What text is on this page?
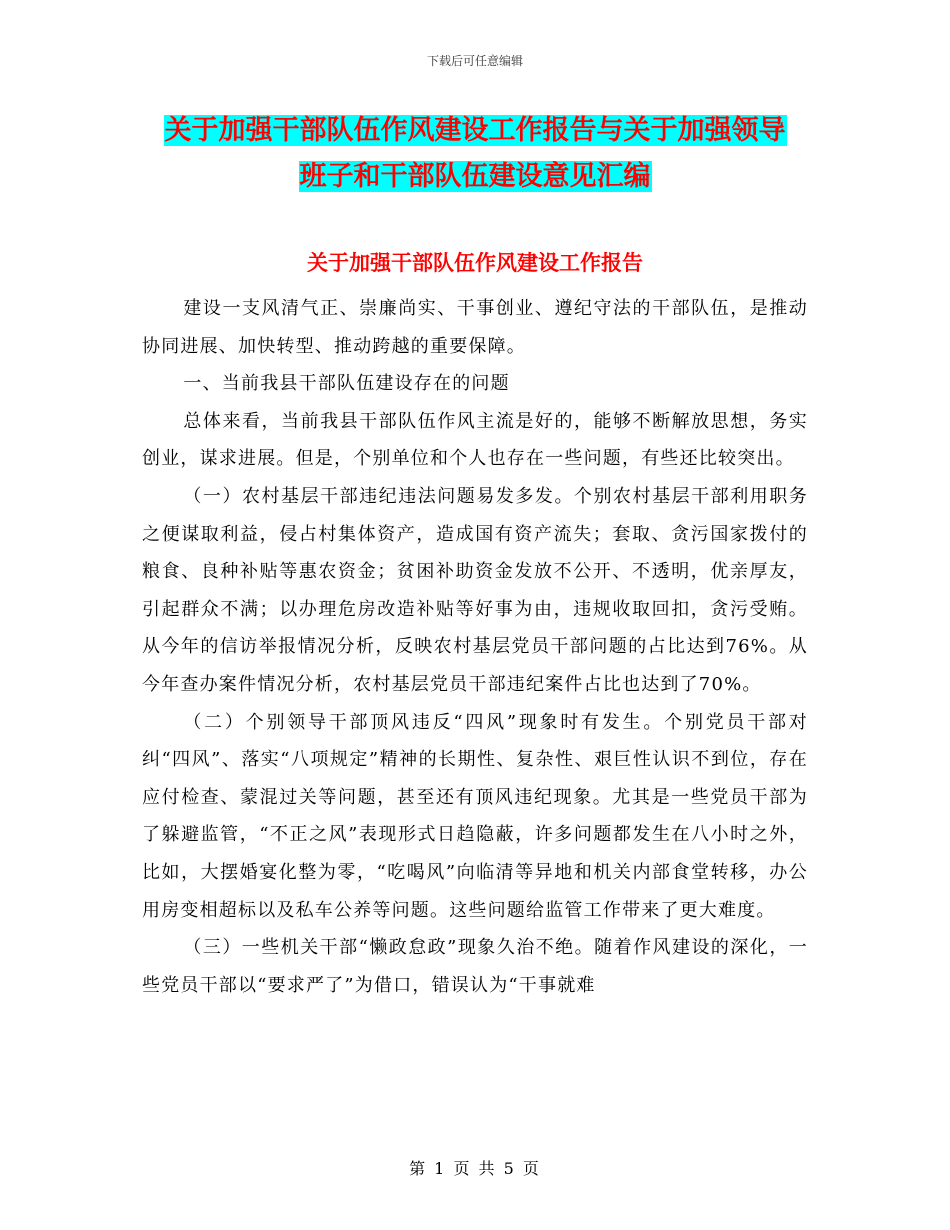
下载后可任意编辑
关于加强干部队伍作风建设工作报告与关于加强领导
班子和干部队伍建设意见汇编
关于加强干部队伍作风建设工作报告

建设一支风清气正、崇廉尚实、干事创业、遵纪守法的干部队伍，是推动协同进展、加快转型、推动跨越的重要保障。

一、当前我县干部队伍建设存在的问题

总体来看，当前我县干部队伍作风主流是好的，能够不断解放思想，务实创业，谋求进展。但是，个别单位和个人也存在一些问题，有些还比较突出。

（一）农村基层干部违纪违法问题易发多发。个别农村基层干部利用职务之便谋取利益，侵占村集体资产，造成国有资产流失；套取、贪污国家拨付的粮食、良种补贴等惠农资金；贫困补助资金发放不公开、不透明，优亲厚友，引起群众不满；以办理危房改造补贴等好事为由，违规收取回扣，贪污受贿。从今年的信访举报情况分析，反映农村基层党员干部问题的占比达到76%。从今年查办案件情况分析，农村基层党员干部违纪案件占比也达到了70%。

（二）个别领导干部顶风违反“四风”现象时有发生。个别党员干部对纠“四风”、落实“八项规定”精神的长期性、复杂性、艰巨性认识不到位，存在应付检查、蒙混过关等问题，甚至还有顶风违纪现象。尤其是一些党员干部为了躲避监管，“不正之风”表现形式日趋隐蔽，许多问题都发生在八小时之外，比如，大摆婚宴化整为零，“吃喝风”向临清等异地和机关内部食堂转移，办公用房变相超标以及私车公养等问题。这些问题给监管工作带来了更大难度。

（三）一些机关干部“懒政怠政”现象久治不绝。随着作风建设的深化，一些党员干部以“要求严了”为借口，错误认为“干事就难

第 1 页 共 5 页
